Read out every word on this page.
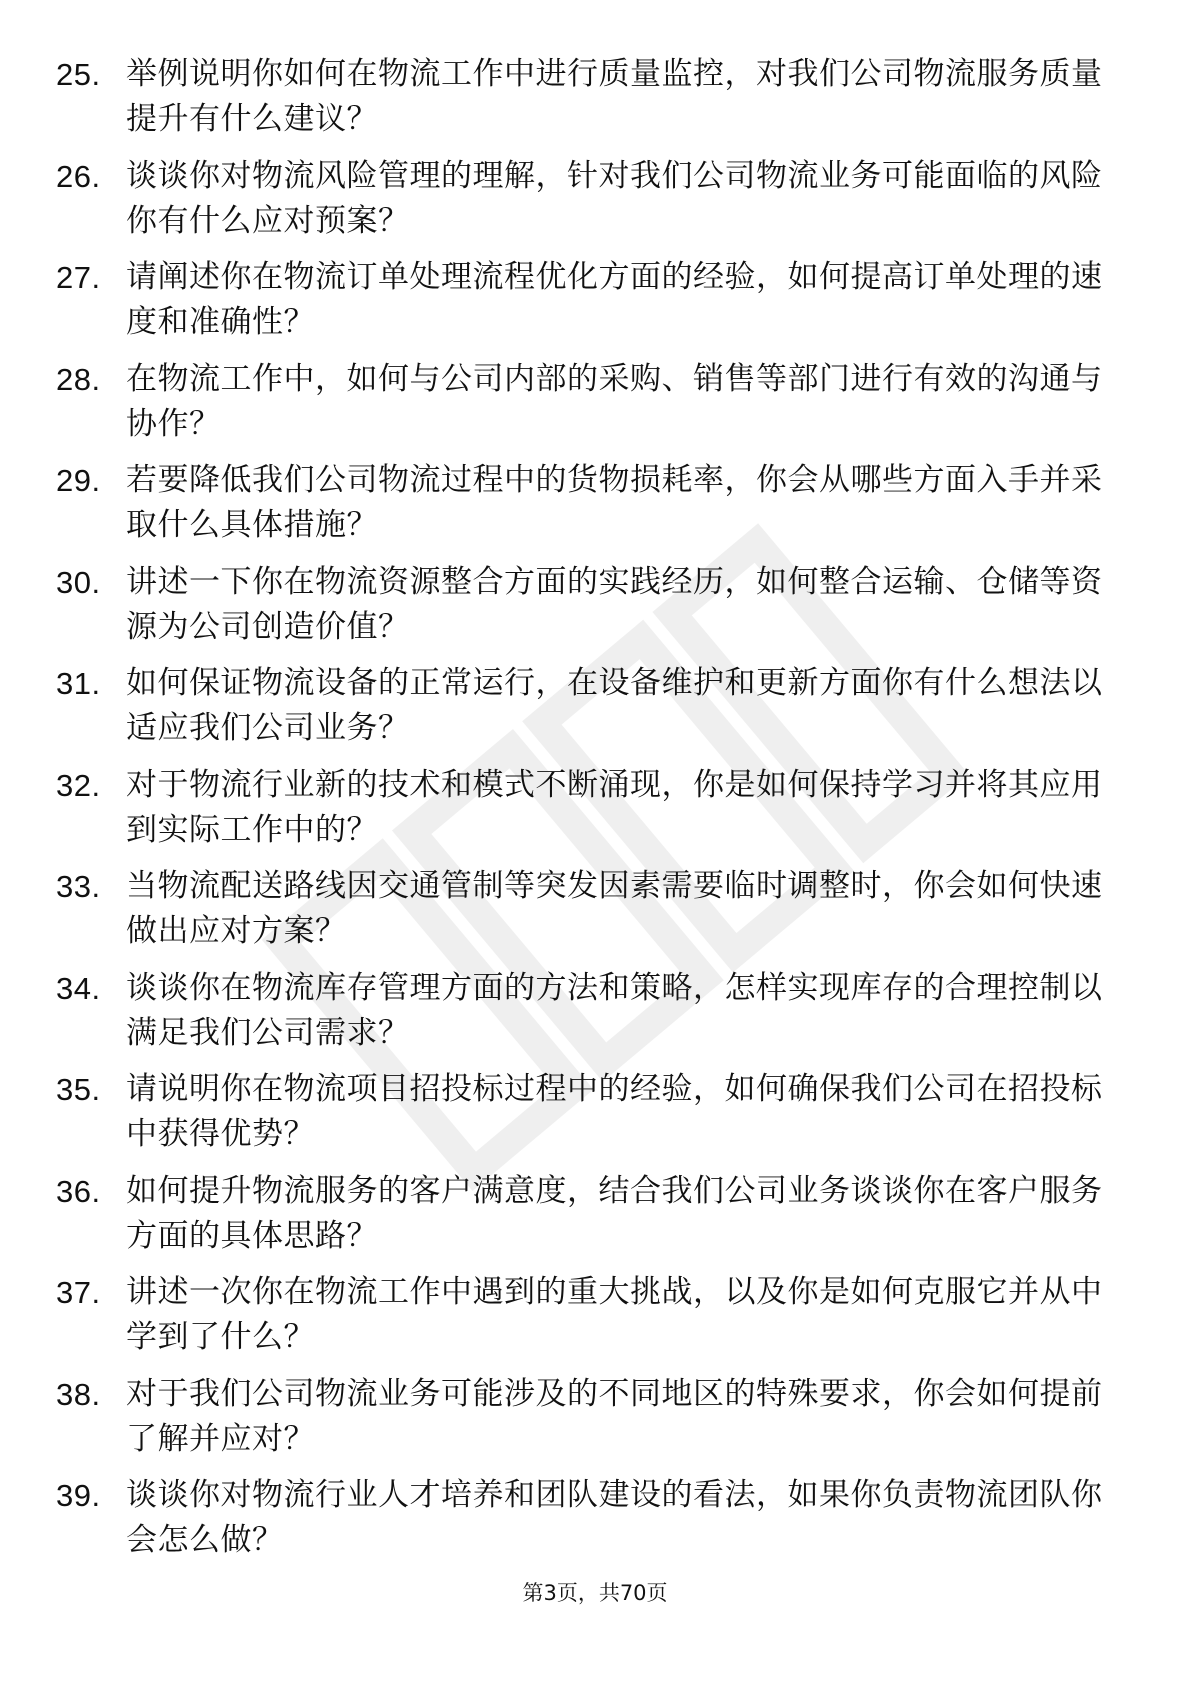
25. 举例说明你如何在物流工作中进行质量监控，对我们公司物流服务质量提升有什么建议？
26. 谈谈你对物流风险管理的理解，针对我们公司物流业务可能面临的风险你有什么应对预案？
27. 请阐述你在物流订单处理流程优化方面的经验，如何提高订单处理的速度和准确性？
28. 在物流工作中，如何与公司内部的采购、销售等部门进行有效的沟通与协作？
29. 若要降低我们公司物流过程中的货物损耗率，你会从哪些方面入手并采取什么具体措施？
30. 讲述一下你在物流资源整合方面的实践经历，如何整合运输、仓储等资源为公司创造价值？
31. 如何保证物流设备的正常运行，在设备维护和更新方面你有什么想法以适应我们公司业务？
32. 对于物流行业新的技术和模式不断涌现，你是如何保持学习并将其应用到实际工作中的？
33. 当物流配送路线因交通管制等突发因素需要临时调整时，你会如何快速做出应对方案？
34. 谈谈你在物流库存管理方面的方法和策略，怎样实现库存的合理控制以满足我们公司需求？
35. 请说明你在物流项目招投标过程中的经验，如何确保我们公司在招投标中获得优势？
36. 如何提升物流服务的客户满意度，结合我们公司业务谈谈你在客户服务方面的具体思路？
37. 讲述一次你在物流工作中遇到的重大挑战，以及你是如何克服它并从中学到了什么？
38. 对于我们公司物流业务可能涉及的不同地区的特殊要求，你会如何提前了解并应对？
39. 谈谈你对物流行业人才培养和团队建设的看法，如果你负责物流团队你会怎么做？
第3页，共70页
